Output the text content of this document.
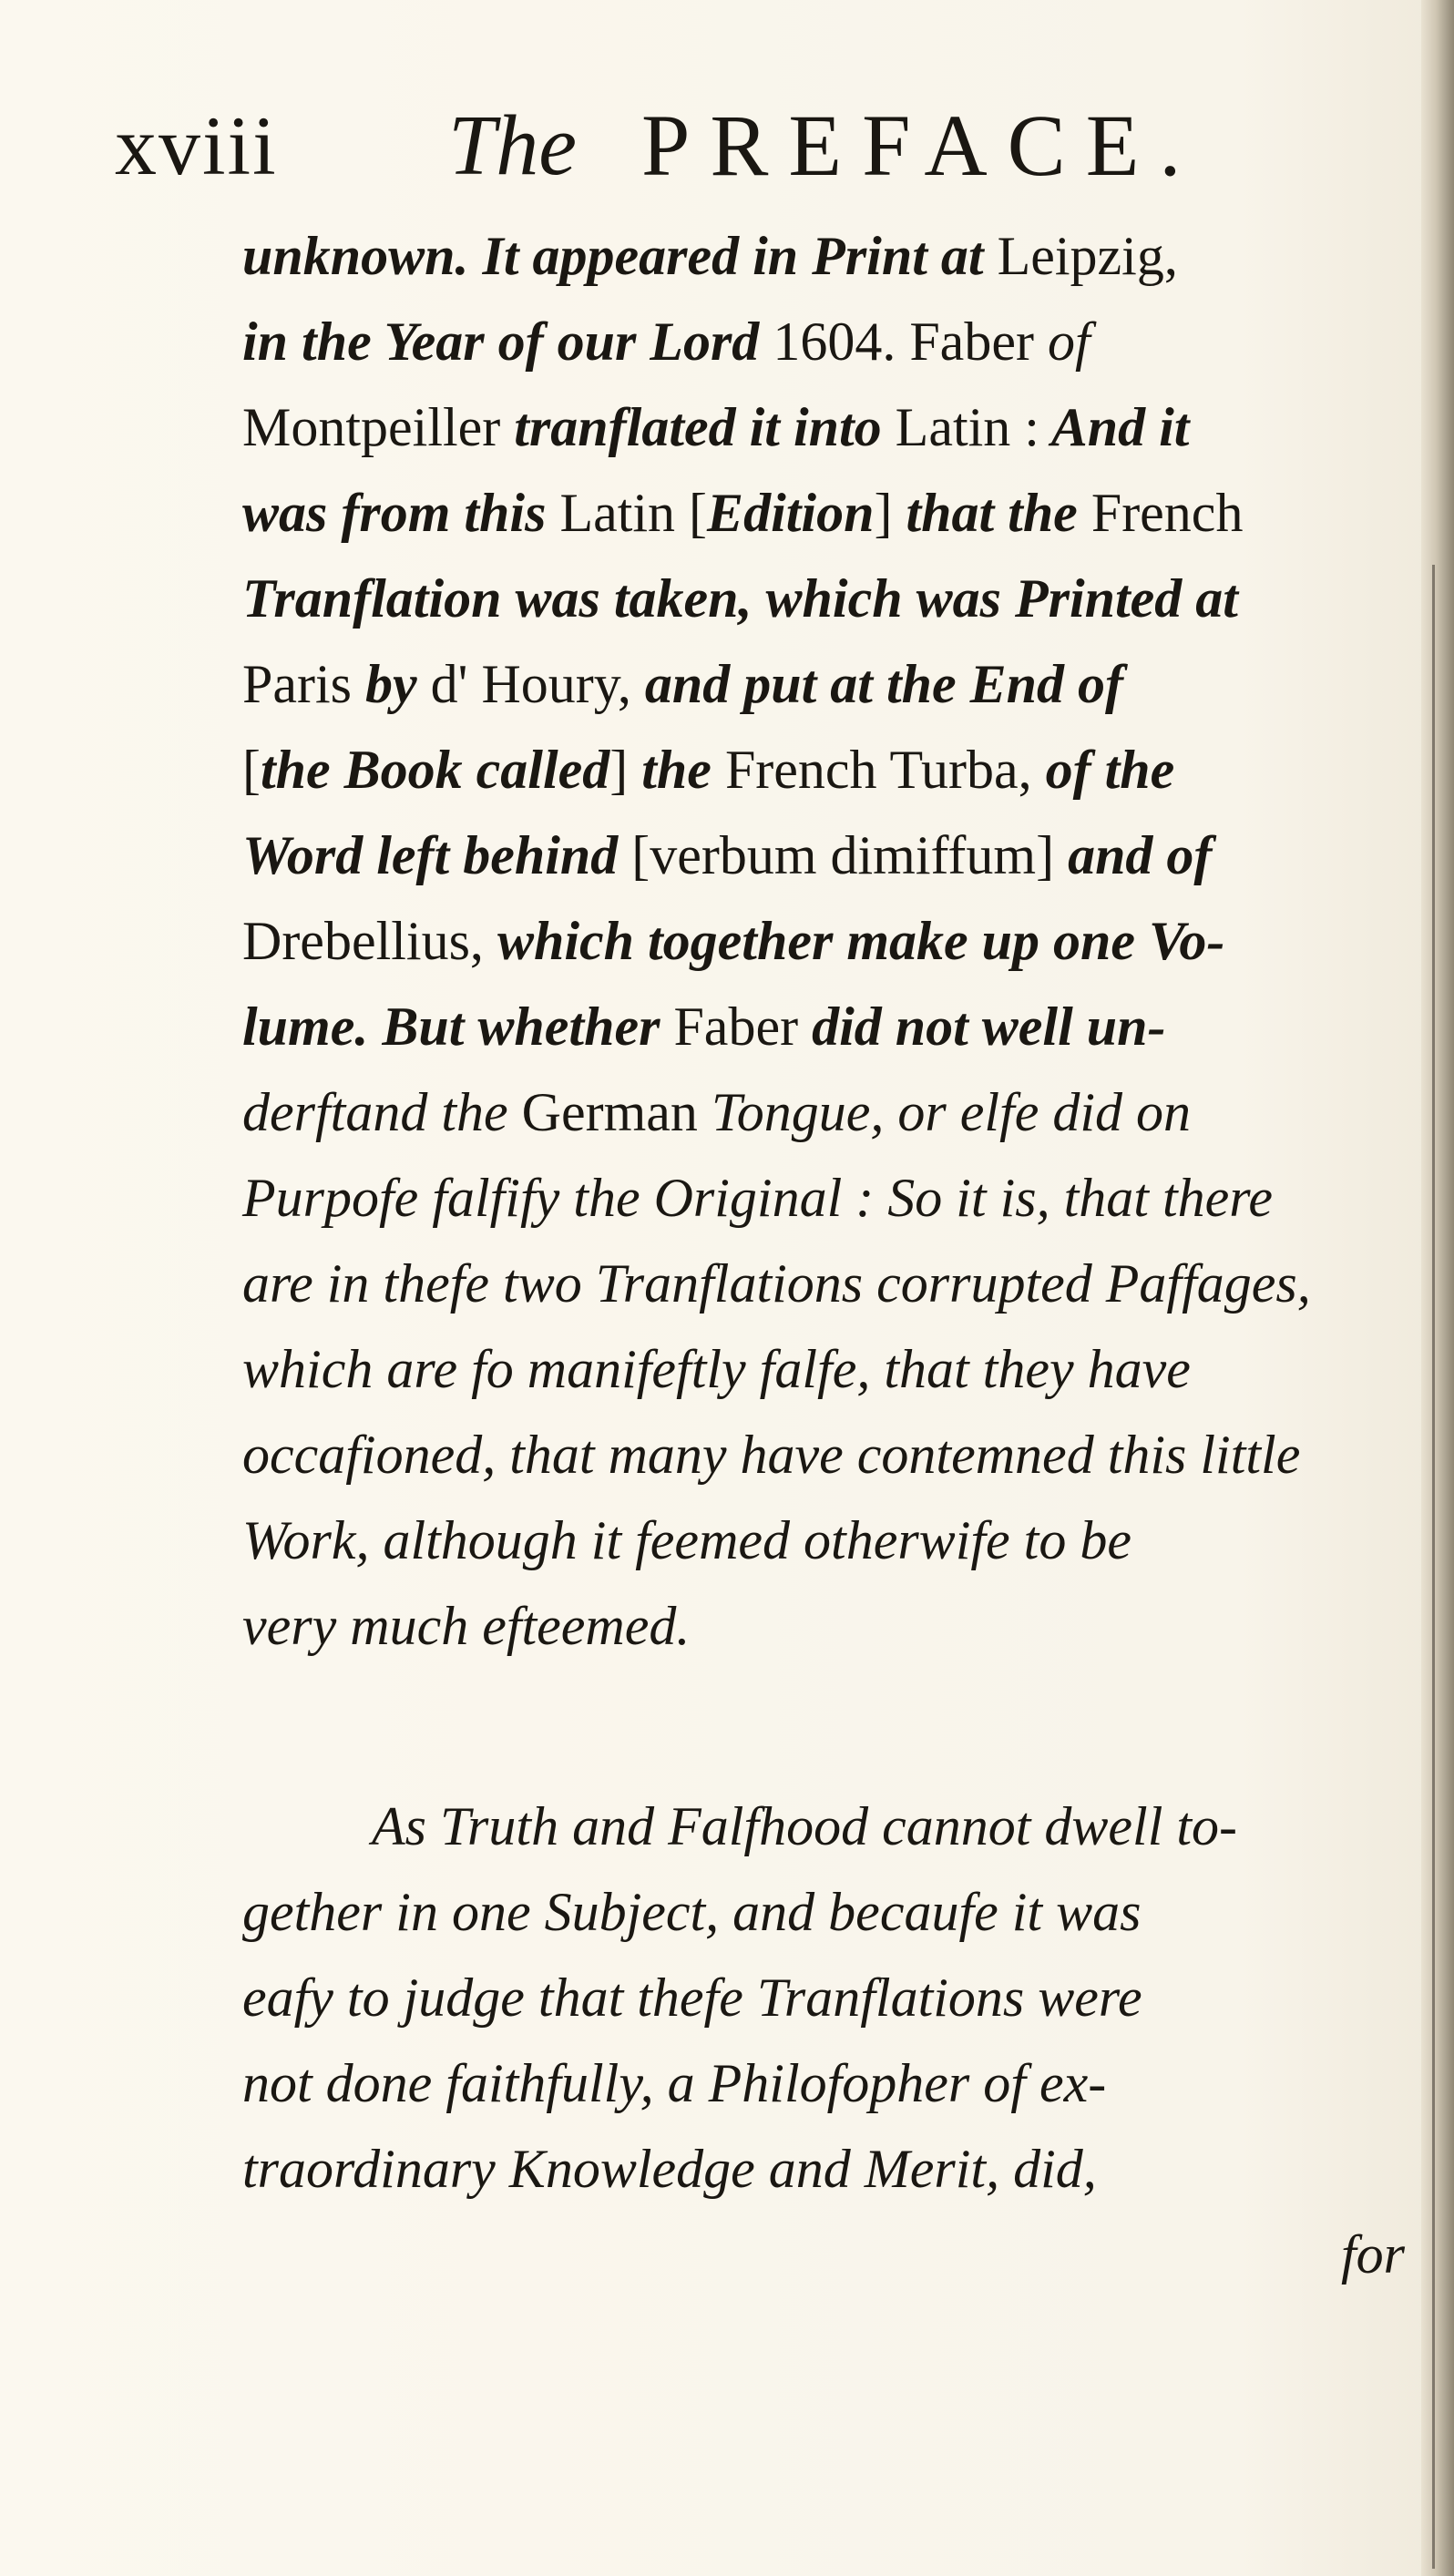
xviii The PREFACE.
unknown. It appeared in Print at Leipzig,
in the Year of our Lord 1604. Faber of
Montpeiller tranflated it into Latin : And it
was from this Latin [Edition] that the French
Tranflation was taken, which was Printed at
Paris by d' Houry, and put at the End of
[the Book called] the French Turba, of the
Word left behind [verbum dimiffum] and of
Drebellius, which together make up one Vo-
lume. But whether Faber did not well un-
derftand the German Tongue, or elfe did on
Purpofe falfify the Original : So it is, that there
are in thefe two Tranflations corrupted Paffages,
which are fo manifeftly falfe, that they have
occafioned, that many have contemned this little
Work, although it feemed otherwife to be
very much efteemed.
As Truth and Falfhood cannot dwell to-
gether in one Subject, and becaufe it was
eafy to judge that thefe Tranflations were
not done faithfully, a Philofopher of ex-
traordinary Knowledge and Merit, did,
for
